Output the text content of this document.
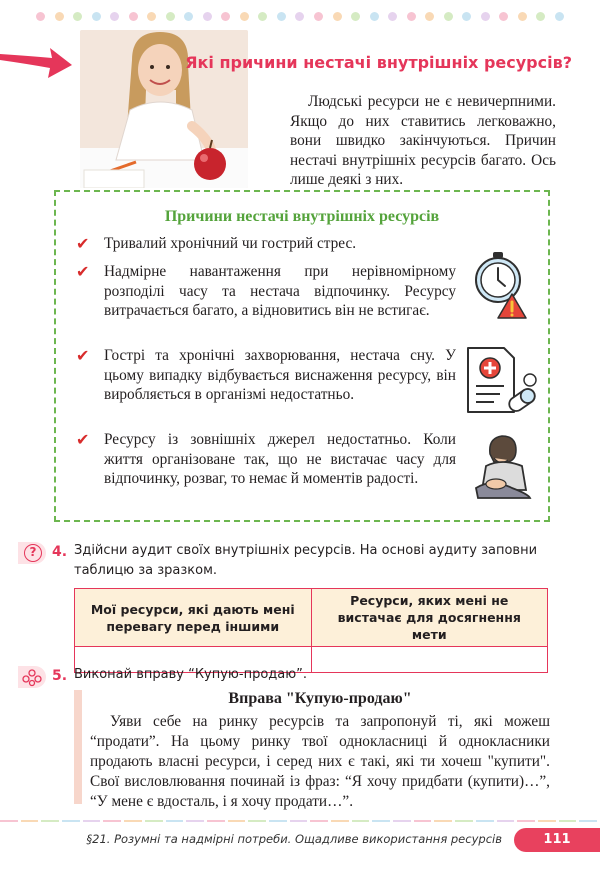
Які причини нестачі внутрішніх ресурсів?

Людські ресурси не є невичерпними. Якщо до них ставитись легковажно, вони швидко закінчуються. Причин нестачі внутрішніх ресурсів багато. Ось лише деякі з них.

Причини нестачі внутрішніх ресурсів
✔ Тривалий хронічний чи гострий стрес.

✔ Надмірне навантаження при нерівномірному розподілі часу та нестача відпочинку. Ресурсу витрачається багато, а відновитись він не встигає.

✔ Гострі та хронічні захворювання, нестача сну. У цьому випадку відбувається виснаження ресурсу, він виробляється в організмі недостатньо.

✔ Ресурсу із зовнішніх джерел недостатньо. Коли життя організоване так, що не вистачає часу для відпочинку, розваг, то немає й моментів радості.

?	4. Здійсни аудит своїх внутрішніх ресурсів. На основі аудиту заповни таблицю за зразком.

Мої ресурси, які дають мені перевагу перед іншими	Ресурси, яких мені не вистачає для досягнення мети

5. Виконай вправу “Купую-продаю”.

Вправа "Купую-продаю"

Уяви себе на ринку ресурсів та запропонуй ті, які можеш “продати”. На цьому ринку твої однокласниці й однокласники продають власні ресурси, і серед них є такі, які ти хочеш "купити". Свої висловлювання починай із фраз: “Я хочу придбати (купити)…”, “У мене є вдосталь, і я хочу продати…”.

§21. Розумні та надмірні потреби. Ощадливе використання ресурсів	111
